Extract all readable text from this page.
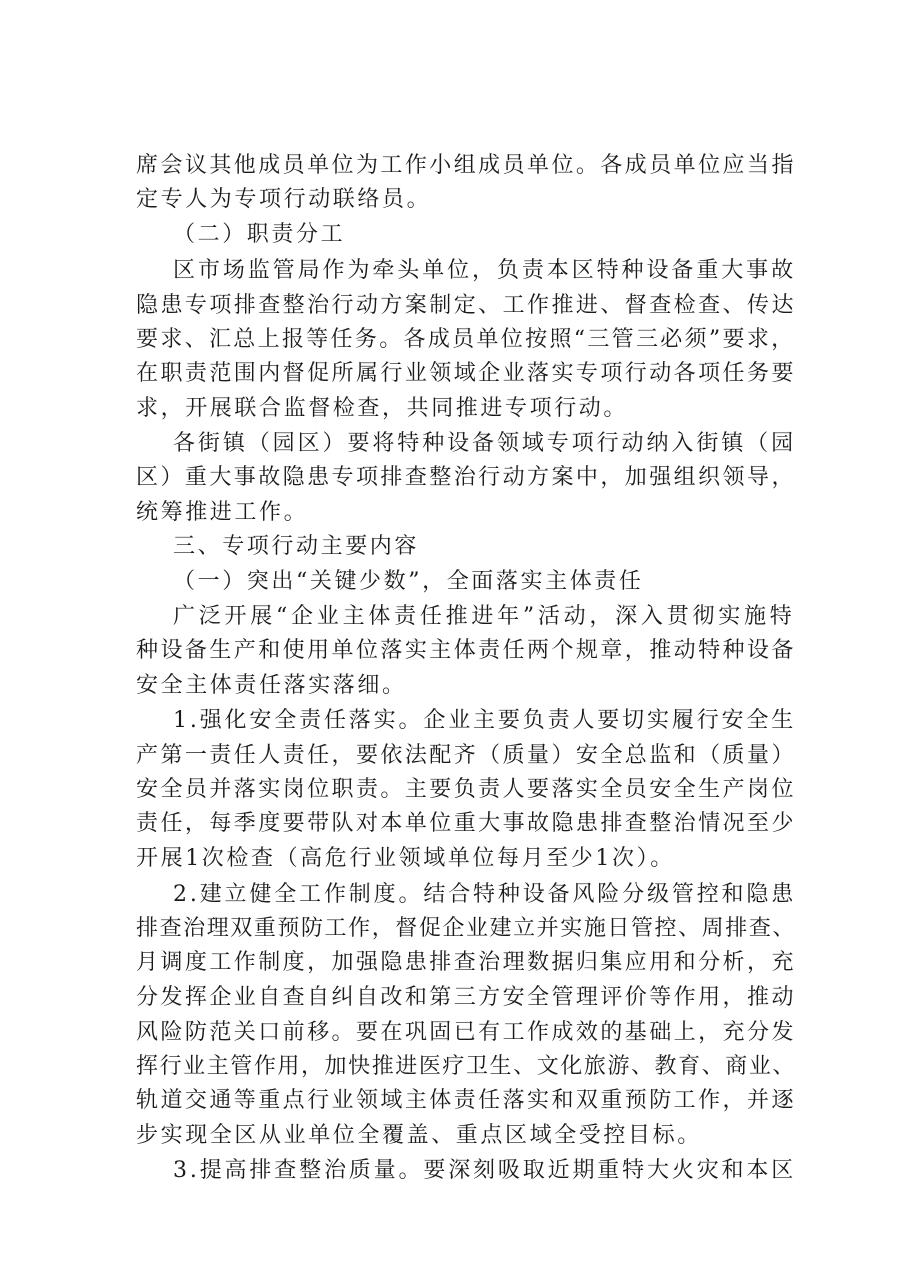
席会议其他成员单位为工作小组成员单位。各成员单位应当指
定专人为专项行动联络员。
（二）职责分工
区市场监管局作为牵头单位，负责本区特种设备重大事故
隐患专项排查整治行动方案制定、工作推进、督查检查、传达
要求、汇总上报等任务。各成员单位按照“三管三必须”要求，
在职责范围内督促所属行业领域企业落实专项行动各项任务要
求，开展联合监督检查，共同推进专项行动。
各街镇（园区）要将特种设备领域专项行动纳入街镇（园
区）重大事故隐患专项排查整治行动方案中，加强组织领导，
统筹推进工作。
三、专项行动主要内容
（一）突出“关键少数”，全面落实主体责任
广泛开展“企业主体责任推进年”活动，深入贯彻实施特
种设备生产和使用单位落实主体责任两个规章，推动特种设备
安全主体责任落实落细。
1.强化安全责任落实。企业主要负责人要切实履行安全生
产第一责任人责任，要依法配齐（质量）安全总监和（质量）
安全员并落实岗位职责。主要负责人要落实全员安全生产岗位
责任，每季度要带队对本单位重大事故隐患排查整治情况至少
开展1次检查（高危行业领域单位每月至少1次）。
2.建立健全工作制度。结合特种设备风险分级管控和隐患
排查治理双重预防工作，督促企业建立并实施日管控、周排查、
月调度工作制度，加强隐患排查治理数据归集应用和分析，充
分发挥企业自查自纠自改和第三方安全管理评价等作用，推动
风险防范关口前移。要在巩固已有工作成效的基础上，充分发
挥行业主管作用，加快推进医疗卫生、文化旅游、教育、商业、
轨道交通等重点行业领域主体责任落实和双重预防工作，并逐
步实现全区从业单位全覆盖、重点区域全受控目标。
3.提高排查整治质量。要深刻吸取近期重特大火灾和本区
